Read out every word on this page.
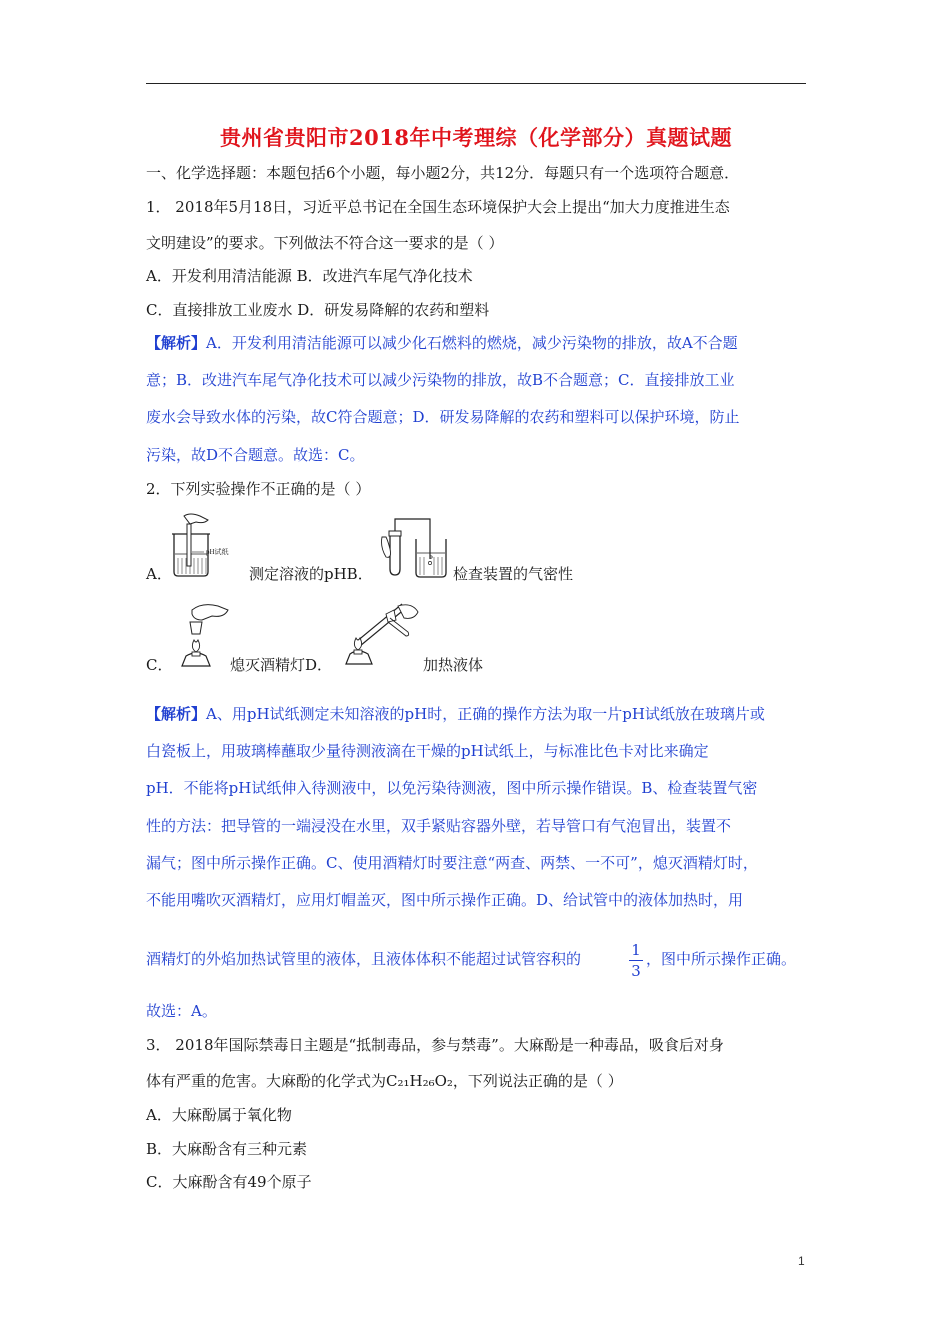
贵州省贵阳市2018年中考理综（化学部分）真题试题
一、化学选择题：本题包括6个小题，每小题2分，共12分．每题只有一个选项符合题意．
1． 2018年5月18日，习近平总书记在全国生态环境保护大会上提出“加大力度推进生态
文明建设”的要求。下列做法不符合这一要求的是（ ）
A．开发利用清洁能源 B．改进汽车尾气净化技术
C．直接排放工业废水 D．研发易降解的农药和塑料
【解析】A．开发利用清洁能源可以减少化石燃料的燃烧，减少污染物的排放，故A不合题
意；B．改进汽车尾气净化技术可以减少污染物的排放，故B不合题意；C．直接排放工业
废水会导致水体的污染，故C符合题意；D．研发易降解的农药和塑料可以保护环境，防止
污染，故D不合题意。故选：C。
2．下列实验操作不正确的是（ ）
A．
pH试纸
测定溶液的pHB．	检查装置的气密性
C．	熄灭酒精灯D．	加热液体
【解析】A、用pH试纸测定未知溶液的pH时，正确的操作方法为取一片pH试纸放在玻璃片或
白瓷板上，用玻璃棒蘸取少量待测液滴在干燥的pH试纸上，与标准比色卡对比来确定
pH．不能将pH试纸伸入待测液中，以免污染待测液，图中所示操作错误。B、检查装置气密
性的方法：把导管的一端浸没在水里，双手紧贴容器外壁，若导管口有气泡冒出，装置不
漏气；图中所示操作正确。C、使用酒精灯时要注意“两查、两禁、一不可”，熄灭酒精灯时，
不能用嘴吹灭酒精灯，应用灯帽盖灭，图中所示操作正确。D、给试管中的液体加热时，用
酒精灯的外焰加热试管里的液体，且液体体积不能超过试管容积的	1
3
，图中所示操作正确。
故选：A。
3． 2018年国际禁毒日主题是“抵制毒品，参与禁毒”。大麻酚是一种毒品，吸食后对身
体有严重的危害。大麻酚的化学式为C₂₁H₂₆O₂，下列说法正确的是（ ）
A．大麻酚属于氧化物
B．大麻酚含有三种元素
C．大麻酚含有49个原子
1
